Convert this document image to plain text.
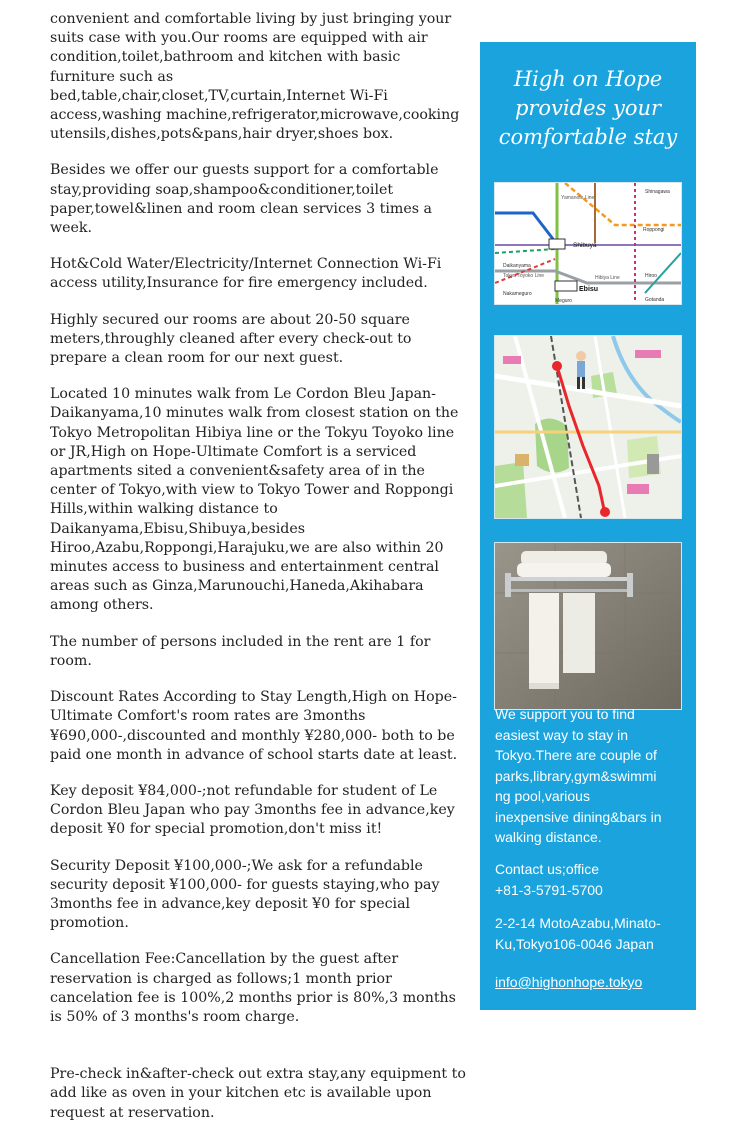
convenient and comfortable living by just bringing your suits case with you.Our rooms are equipped with air condition,toilet,bathroom and kitchen with basic furniture such as bed,table,chair,closet,TV,curtain,Internet Wi-Fi access,washing machine,refrigerator,microwave,cooking utensils,dishes,pots&pans,hair dryer,shoes box.

Besides we offer our guests support for a comfortable stay,providing soap,shampoo&conditioner,toilet paper,towel&linen and room clean services 3 times a week.

Hot&Cold Water/Electricity/Internet Connection Wi-Fi access utility,Insurance for fire emergency included.

Highly secured our rooms are about 20-50 square meters,throughly cleaned after every check-out to prepare a clean room for our next guest.

Located 10 minutes walk from Le Cordon Bleu Japan-Daikanyama,10 minutes walk from closest station on the Tokyo Metropolitan Hibiya line or the Tokyu Toyoko line or JR,High on Hope-Ultimate Comfort is a serviced apartments sited a convenient&safety area of in the center of Tokyo,with view to Tokyo Tower and Roppongi Hills,within walking distance to Daikanyama,Ebisu,Shibuya,besides Hiroo,Azabu,Roppongi,Harajuku,we are also within 20 minutes access to business and entertainment central areas such as Ginza,Marunouchi,Haneda,Akihabara among others.

The number of persons included in the rent are 1 for room.

Discount Rates According to Stay Length,High on Hope-Ultimate Comfort's room rates are 3months ¥690,000-,discounted and monthly ¥280,000- both to be paid one month in advance of school starts date at least.

Key deposit ¥84,000-;not refundable for student of Le Cordon Bleu Japan who pay 3months fee in advance,key deposit ¥0 for special promotion,don't miss it!

Security Deposit ¥100,000-;We ask for a refundable security deposit ¥100,000- for guests staying,who pay 3months fee in advance,key deposit ¥0 for special promotion.

Cancellation Fee:Cancellation by the guest after reservation is charged as follows;1 month prior cancelation fee is 100%,2 months prior is 80%,3 months is 50% of 3 months's room charge.

Pre-check in&after-check out extra stay,any equipment to add like as oven in your kitchen etc is available upon request at reservation.

High on Hope
provides your
comfortable stay
Shibuya
Ebisu
Meguro
Hiroo
Roppongi
Daikanyama
Nakameguro
Gotanda
Shinagawa
Hibiya Line
Tokyu Toyoko Line
Yamanote Line
We support you to find
easiest way to stay in
Tokyo.There are couple of
parks,library,gym&swimmi
ng pool,various
inexpensive dining&bars in
walking distance.
Contact us;office
+81-3-5791-5700
2-2-14 MotoAzabu,Minato-
Ku,Tokyo106-0046 Japan
info@highonhope.tokyo
